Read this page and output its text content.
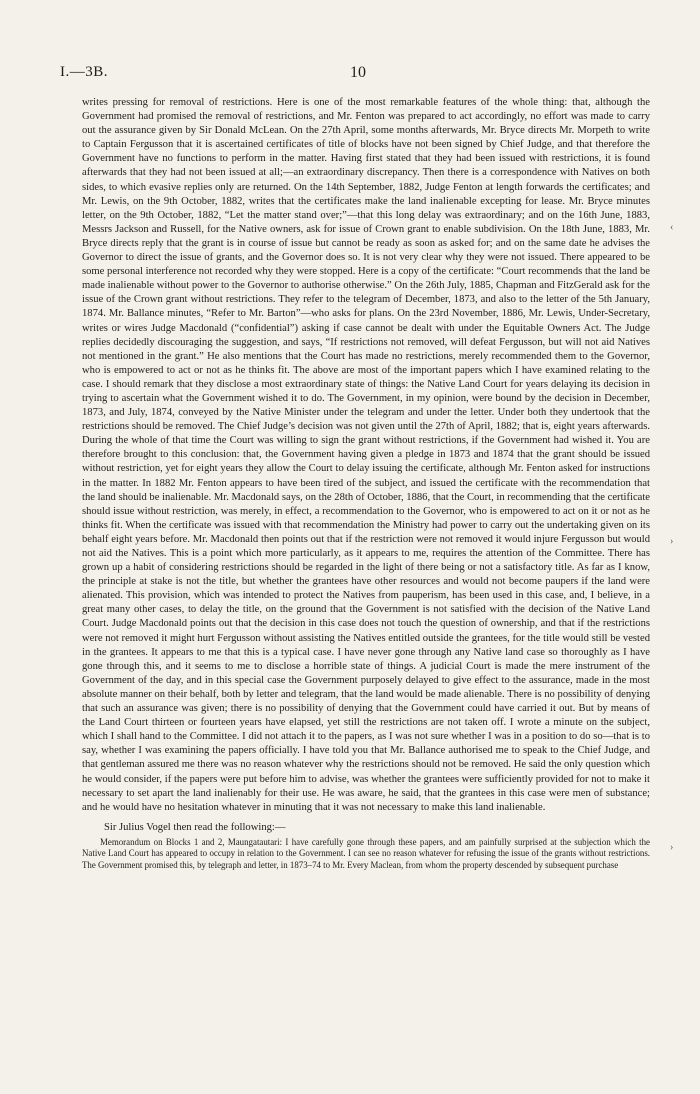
I.—3B.	10

writes pressing for removal of restrictions. Here is one of the most remarkable features of the whole thing: that, although the Government had promised the removal of restrictions, and Mr. Fenton was prepared to act accordingly, no effort was made to carry out the assurance given by Sir Donald McLean. On the 27th April, some months afterwards, Mr. Bryce directs Mr. Morpeth to write to Captain Fergusson that it is ascertained certificates of title of blocks have not been signed by Chief Judge, and that therefore the Government have no functions to perform in the matter. Having first stated that they had been issued with restrictions, it is found afterwards that they had not been issued at all;—an extraordinary discrepancy. Then there is a correspondence with Natives on both sides, to which evasive replies only are returned. On the 14th September, 1882, Judge Fenton at length forwards the certificates; and Mr. Lewis, on the 9th October, 1882, writes that the certificates make the land inalienable excepting for lease. Mr. Bryce minutes letter, on the 9th October, 1882, “Let the matter stand over;”—that this long delay was extraordinary; and on the 16th June, 1883, Messrs Jackson and Russell, for the Native owners, ask for issue of Crown grant to enable subdivision. On the 18th June, 1883, Mr. Bryce directs reply that the grant is in course of issue but cannot be ready as soon as asked for; and on the same date he advises the Governor to direct the issue of grants, and the Governor does so. It is not very clear why they were not issued. There appeared to be some personal interference not recorded why they were stopped. Here is a copy of the certificate: “Court recommends that the land be made inalienable without power to the Governor to authorise otherwise.” On the 26th July, 1885, Chapman and FitzGerald ask for the issue of the Crown grant without restrictions. They refer to the telegram of December, 1873, and also to the letter of the 5th January, 1874. Mr. Ballance minutes, “Refer to Mr. Barton”—who asks for plans. On the 23rd November, 1886, Mr. Lewis, Under-Secretary, writes or wires Judge Macdonald (“confidential”) asking if case cannot be dealt with under the Equitable Owners Act. The Judge replies decidedly discouraging the suggestion, and says, “If restrictions not removed, will defeat Fergusson, but will not aid Natives not mentioned in the grant.” He also mentions that the Court has made no restrictions, merely recommended them to the Governor, who is empowered to act or not as he thinks fit. The above are most of the important papers which I have examined relating to the case. I should remark that they disclose a most extraordinary state of things: the Native Land Court for years delaying its decision in trying to ascertain what the Government wished it to do. The Government, in my opinion, were bound by the decision in December, 1873, and July, 1874, conveyed by the Native Minister under the telegram and under the letter. Under both they undertook that the restrictions should be removed. The Chief Judge’s decision was not given until the 27th of April, 1882; that is, eight years afterwards. During the whole of that time the Court was willing to sign the grant without restrictions, if the Government had wished it. You are therefore brought to this conclusion: that, the Government having given a pledge in 1873 and 1874 that the grant should be issued without restriction, yet for eight years they allow the Court to delay issuing the certificate, although Mr. Fenton asked for instructions in the matter. In 1882 Mr. Fenton appears to have been tired of the subject, and issued the certificate with the recommendation that the land should be inalienable. Mr. Macdonald says, on the 28th of October, 1886, that the Court, in recommending that the certificate should issue without restriction, was merely, in effect, a recommendation to the Governor, who is empowered to act on it or not as he thinks fit. When the certificate was issued with that recommendation the Ministry had power to carry out the undertaking given on its behalf eight years before. Mr. Macdonald then points out that if the restriction were not removed it would injure Fergusson but would not aid the Natives. This is a point which more particularly, as it appears to me, requires the attention of the Committee. There has grown up a habit of considering restrictions should be regarded in the light of there being or not a satisfactory title. As far as I know, the principle at stake is not the title, but whether the grantees have other resources and would not become paupers if the land were alienated. This provision, which was intended to protect the Natives from pauperism, has been used in this case, and, I believe, in a great many other cases, to delay the title, on the ground that the Government is not satisfied with the decision of the Native Land Court. Judge Macdonald points out that the decision in this case does not touch the question of ownership, and that if the restrictions were not removed it might hurt Fergusson without assisting the Natives entitled outside the grantees, for the title would still be vested in the grantees. It appears to me that this is a typical case. I have never gone through any Native land case so thoroughly as I have gone through this, and it seems to me to disclose a horrible state of things. A judicial Court is made the mere instrument of the Government of the day, and in this special case the Government purposely delayed to give effect to the assurance, made in the most absolute manner on their behalf, both by letter and telegram, that the land would be made alienable. There is no possibility of denying that such an assurance was given; there is no possibility of denying that the Government could have carried it out. But by means of the Land Court thirteen or fourteen years have elapsed, yet still the restrictions are not taken off. I wrote a minute on the subject, which I shall hand to the Committee. I did not attach it to the papers, as I was not sure whether I was in a position to do so—that is to say, whether I was examining the papers officially. I have told you that Mr. Ballance authorised me to speak to the Chief Judge, and that gentleman assured me there was no reason whatever why the restrictions should not be removed. He said the only question which he would consider, if the papers were put before him to advise, was whether the grantees were sufficiently provided for not to make it necessary to set apart the land inalienably for their use. He was aware, he said, that the grantees in this case were men of substance; and he would have no hesitation whatever in minuting that it was not necessary to make this land inalienable.

Sir Julius Vogel then read the following:—

Memorandum on Blocks 1 and 2, Maungatautari: I have carefully gone through these papers, and am painfully surprised at the subjection which the Native Land Court has appeared to occupy in relation to the Government. I can see no reason whatever for refusing the issue of the grants without restrictions. The Government promised this, by telegraph and letter, in 1873–74 to Mr. Every Maclean, from whom the property descended by subsequent purchase

‹
›
›
